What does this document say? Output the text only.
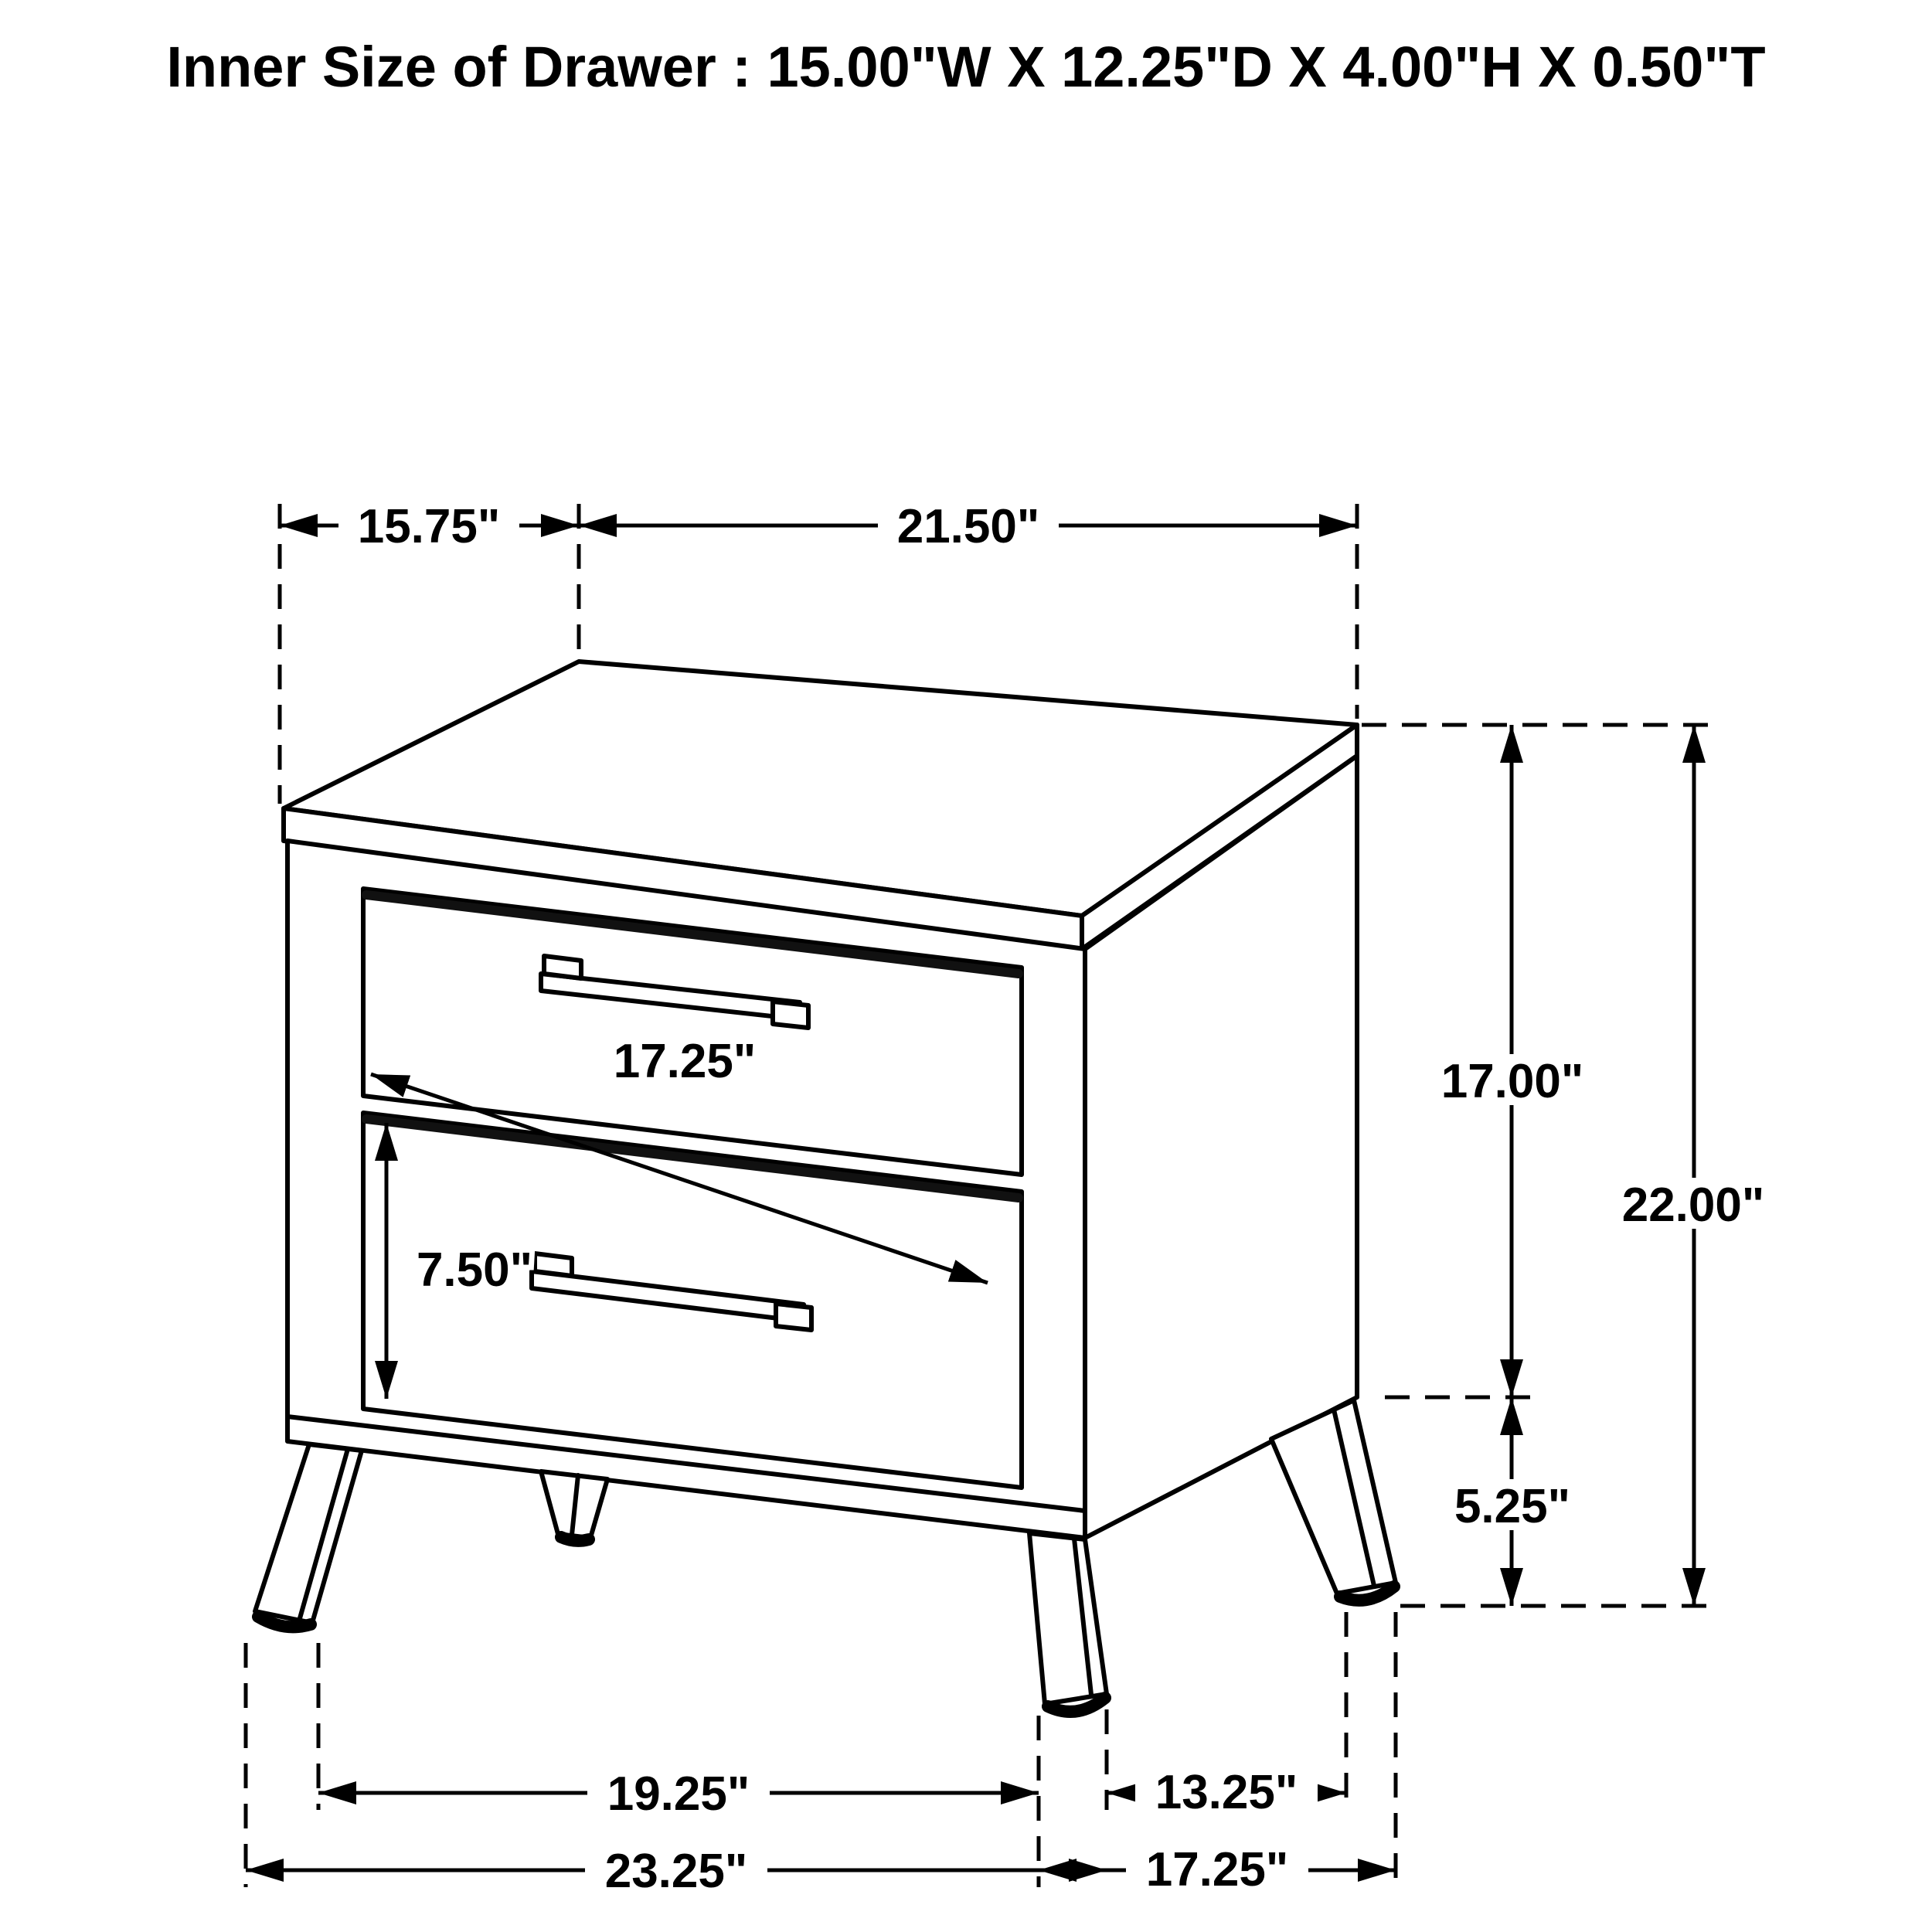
15.75"	21.50"
17.00"
22.00"
5.25"
17.25"
7.50"
19.25"
23.25"
13.25"
17.25"
Inner Size of Drawer : 15.00"W X 12.25"D X 4.00"H X 0.50"T
